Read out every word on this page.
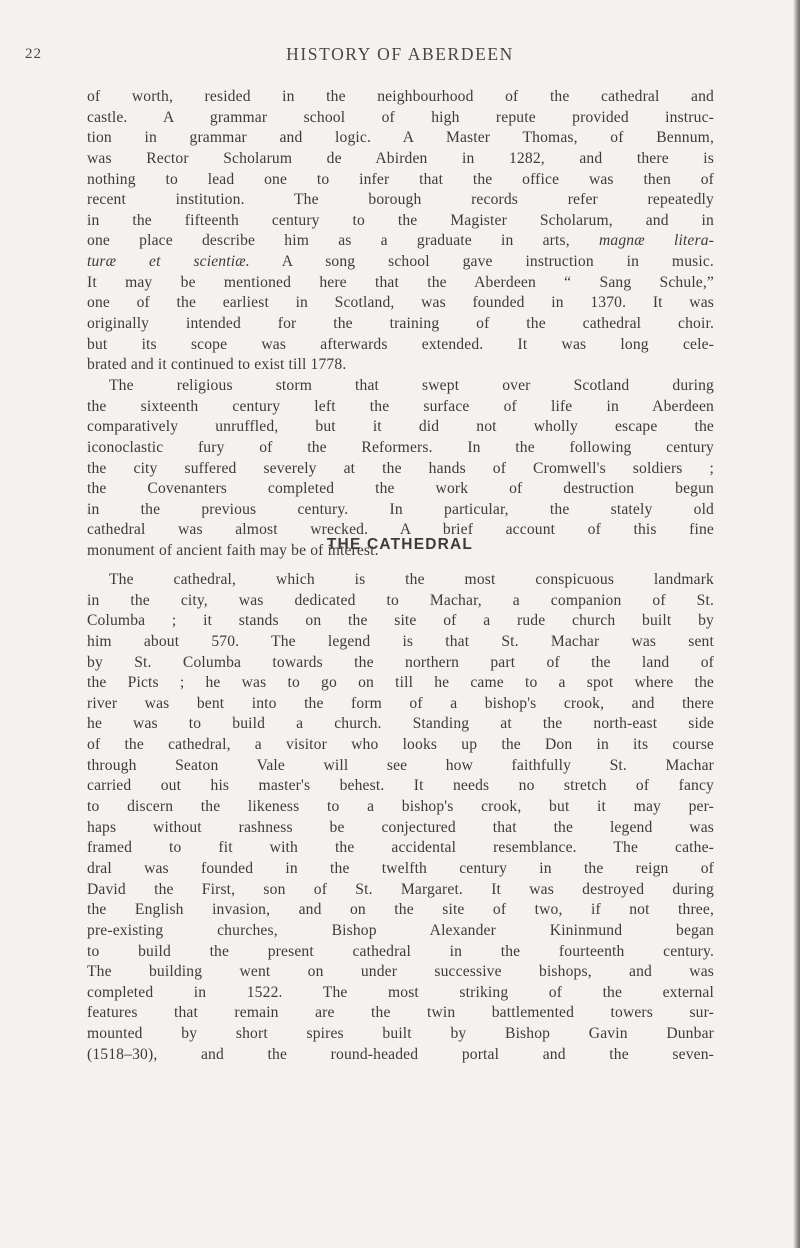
22	HISTORY OF ABERDEEN
of worth, resided in the neighbourhood of the cathedral and
castle. A grammar school of high repute provided instruc-
tion in grammar and logic. A Master Thomas, of Bennum,
was Rector Scholarum de Abirden in 1282, and there is
nothing to lead one to infer that the office was then of
recent institution. The borough records refer repeatedly
in the fifteenth century to the Magister Scholarum, and in
one place describe him as a graduate in arts, magnæ litera-
turæ et scientiæ. A song school gave instruction in music.
It may be mentioned here that the Aberdeen “ Sang Schule,”
one of the earliest in Scotland, was founded in 1370. It was
originally intended for the training of the cathedral choir.
but its scope was afterwards extended. It was long cele-
brated and it continued to exist till 1778.
The religious storm that swept over Scotland during
the sixteenth century left the surface of life in Aberdeen
comparatively unruffled, but it did not wholly escape the
iconoclastic fury of the Reformers. In the following century
the city suffered severely at the hands of Cromwell's soldiers ;
the Covenanters completed the work of destruction begun
in the previous century. In particular, the stately old
cathedral was almost wrecked. A brief account of this fine
monument of ancient faith may be of interest.
THE CATHEDRAL
The cathedral, which is the most conspicuous landmark
in the city, was dedicated to Machar, a companion of St.
Columba ; it stands on the site of a rude church built by
him about 570. The legend is that St. Machar was sent
by St. Columba towards the northern part of the land of
the Picts ; he was to go on till he came to a spot where the
river was bent into the form of a bishop's crook, and there
he was to build a church. Standing at the north-east side
of the cathedral, a visitor who looks up the Don in its course
through Seaton Vale will see how faithfully St. Machar
carried out his master's behest. It needs no stretch of fancy
to discern the likeness to a bishop's crook, but it may per-
haps without rashness be conjectured that the legend was
framed to fit with the accidental resemblance. The cathe-
dral was founded in the twelfth century in the reign of
David the First, son of St. Margaret. It was destroyed during
the English invasion, and on the site of two, if not three,
pre-existing churches, Bishop Alexander Kininmund began
to build the present cathedral in the fourteenth century.
The building went on under successive bishops, and was
completed in 1522. The most striking of the external
features that remain are the twin battlemented towers sur-
mounted by short spires built by Bishop Gavin Dunbar
(1518–30), and the round-headed portal and the seven-
